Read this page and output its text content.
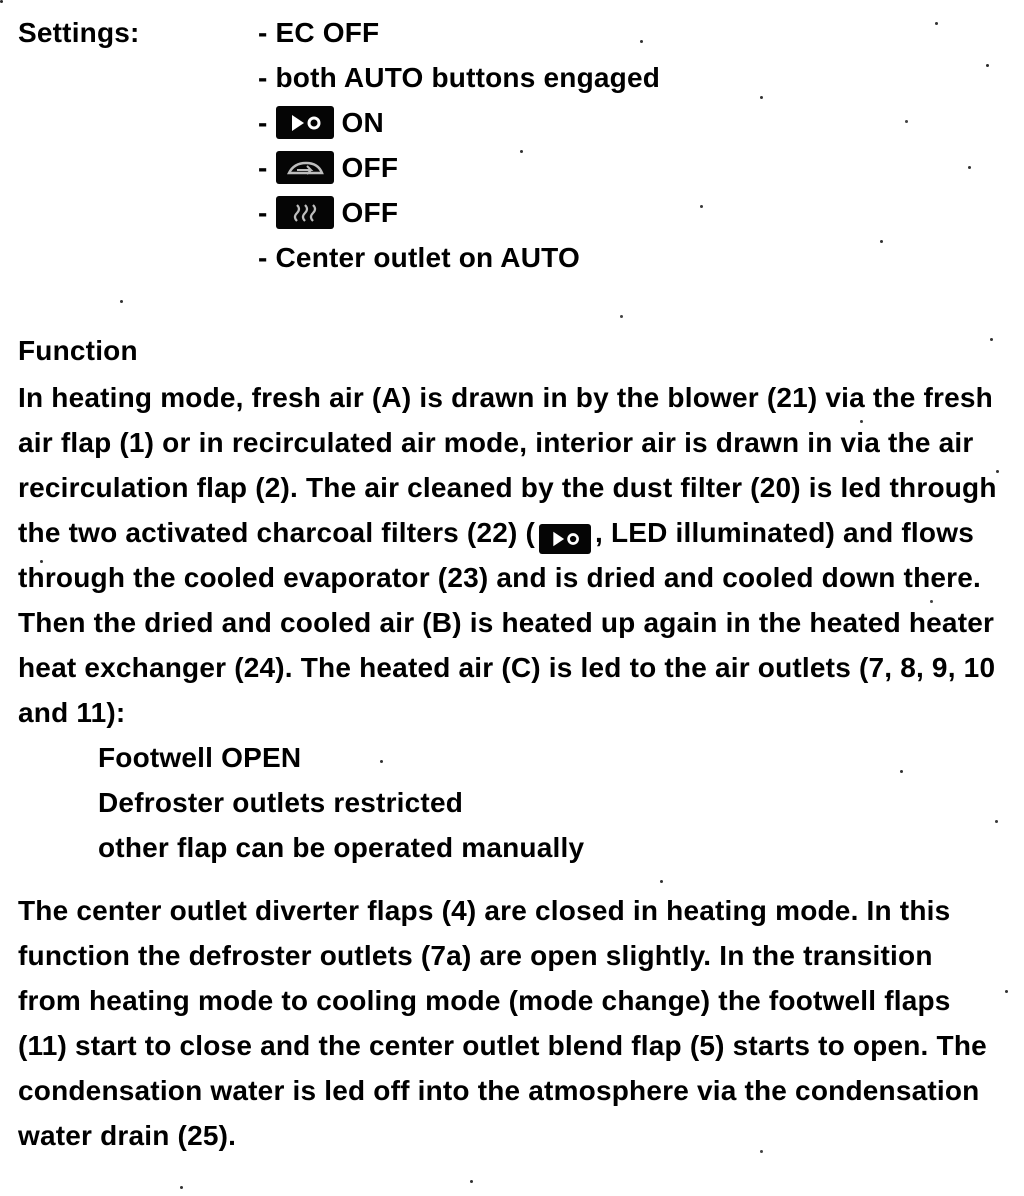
Settings:	- EC OFF
- both AUTO buttons engaged
-	ON
-	OFF
-	OFF
- Center outlet on AUTO
Function
In heating mode, fresh air (A) is drawn in by the blower (21) via the fresh air flap (1) or in recirculated air mode, interior air is drawn in via the air recirculation flap (2). The air cleaned by the dust filter (20) is led through the two activated charcoal filters (22) ( , LED illuminated) and flows through the cooled evaporator (23) and is dried and cooled down there. Then the dried and cooled air (B) is heated up again in the heated heater heat exchanger (24). The heated air (C) is led to the air outlets (7, 8, 9, 10 and 11):
Footwell OPEN
Defroster outlets restricted
other flap can be operated manually
The center outlet diverter flaps (4) are closed in heating mode. In this function the defroster outlets (7a) are open slightly. In the transition from heating mode to cooling mode (mode change) the footwell flaps (11) start to close and the center outlet blend flap (5) starts to open. The condensation water is led off into the atmosphere via the condensation water drain (25).
